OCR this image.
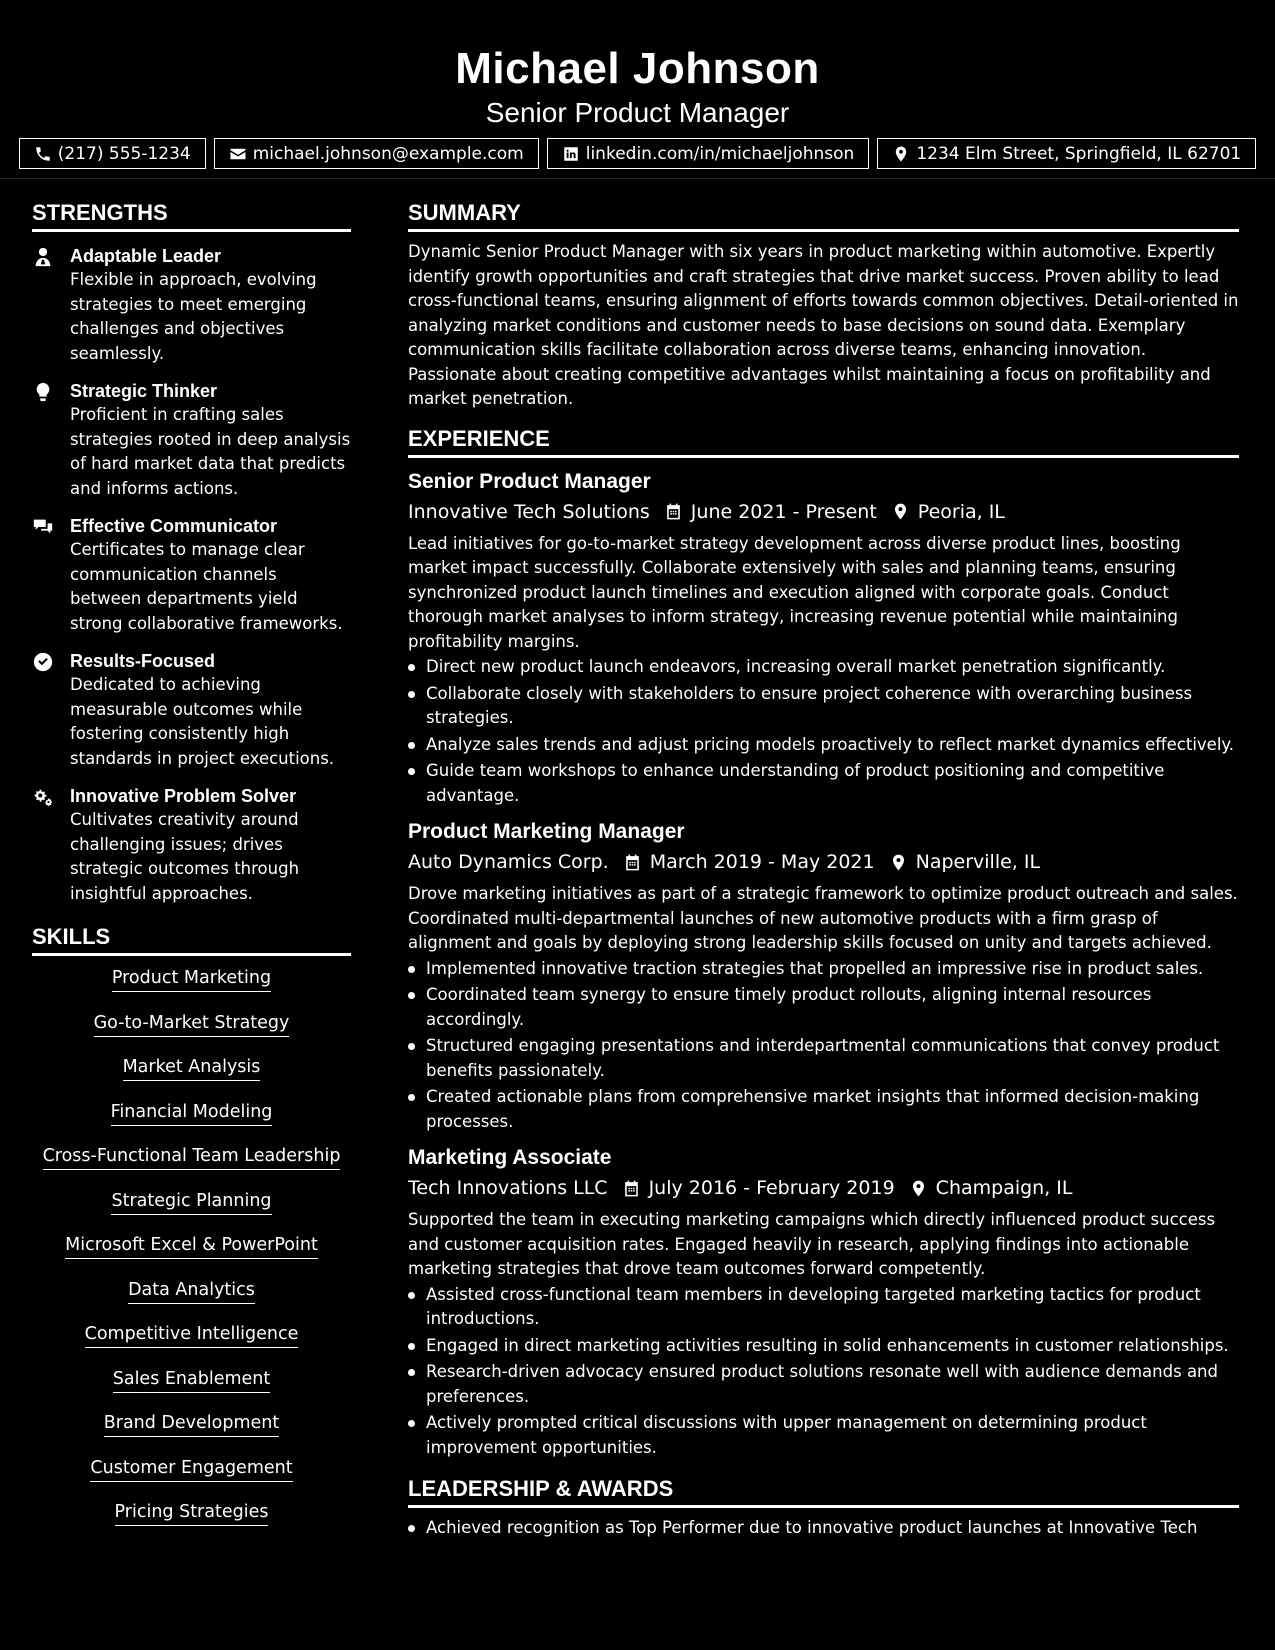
Michael Johnson
Senior Product Manager
(217) 555-1234	michael.johnson@example.com	linkedin.com/in/michaeljohnson	1234 Elm Street, Springfield, IL 62701
STRENGTHS
Adaptable Leader
Flexible in approach, evolving strategies to meet emerging challenges and objectives seamlessly.
Strategic Thinker
Proficient in crafting sales strategies rooted in deep analysis of hard market data that predicts and informs actions.
Effective Communicator
Certificates to manage clear communication channels between departments yield strong collaborative frameworks.
Results-Focused
Dedicated to achieving measurable outcomes while fostering consistently high standards in project executions.
Innovative Problem Solver
Cultivates creativity around challenging issues; drives strategic outcomes through insightful approaches.
SKILLS
Product Marketing
Go-to-Market Strategy
Market Analysis
Financial Modeling
Cross-Functional Team Leadership
Strategic Planning
Microsoft Excel & PowerPoint
Data Analytics
Competitive Intelligence
Sales Enablement
Brand Development
Customer Engagement
Pricing Strategies
SUMMARY
Dynamic Senior Product Manager with six years in product marketing within automotive. Expertly identify growth opportunities and craft strategies that drive market success. Proven ability to lead cross-functional teams, ensuring alignment of efforts towards common objectives. Detail-oriented in analyzing market conditions and customer needs to base decisions on sound data. Exemplary communication skills facilitate collaboration across diverse teams, enhancing innovation. Passionate about creating competitive advantages whilst maintaining a focus on profitability and market penetration.
EXPERIENCE
Senior Product Manager
Innovative Tech Solutions June 2021 - Present Peoria, IL
Lead initiatives for go-to-market strategy development across diverse product lines, boosting market impact successfully. Collaborate extensively with sales and planning teams, ensuring synchronized product launch timelines and execution aligned with corporate goals. Conduct thorough market analyses to inform strategy, increasing revenue potential while maintaining profitability margins.
Direct new product launch endeavors, increasing overall market penetration significantly.
Collaborate closely with stakeholders to ensure project coherence with overarching business strategies.
Analyze sales trends and adjust pricing models proactively to reflect market dynamics effectively.
Guide team workshops to enhance understanding of product positioning and competitive advantage.
Product Marketing Manager
Auto Dynamics Corp. March 2019 - May 2021 Naperville, IL
Drove marketing initiatives as part of a strategic framework to optimize product outreach and sales. Coordinated multi-departmental launches of new automotive products with a firm grasp of alignment and goals by deploying strong leadership skills focused on unity and targets achieved.
Implemented innovative traction strategies that propelled an impressive rise in product sales.
Coordinated team synergy to ensure timely product rollouts, aligning internal resources accordingly.
Structured engaging presentations and interdepartmental communications that convey product benefits passionately.
Created actionable plans from comprehensive market insights that informed decision-making processes.
Marketing Associate
Tech Innovations LLC July 2016 - February 2019 Champaign, IL
Supported the team in executing marketing campaigns which directly influenced product success and customer acquisition rates. Engaged heavily in research, applying findings into actionable marketing strategies that drove team outcomes forward competently.
Assisted cross-functional team members in developing targeted marketing tactics for product introductions.
Engaged in direct marketing activities resulting in solid enhancements in customer relationships.
Research-driven advocacy ensured product solutions resonate well with audience demands and preferences.
Actively prompted critical discussions with upper management on determining product improvement opportunities.
LEADERSHIP & AWARDS
Achieved recognition as Top Performer due to innovative product launches at Innovative Tech
